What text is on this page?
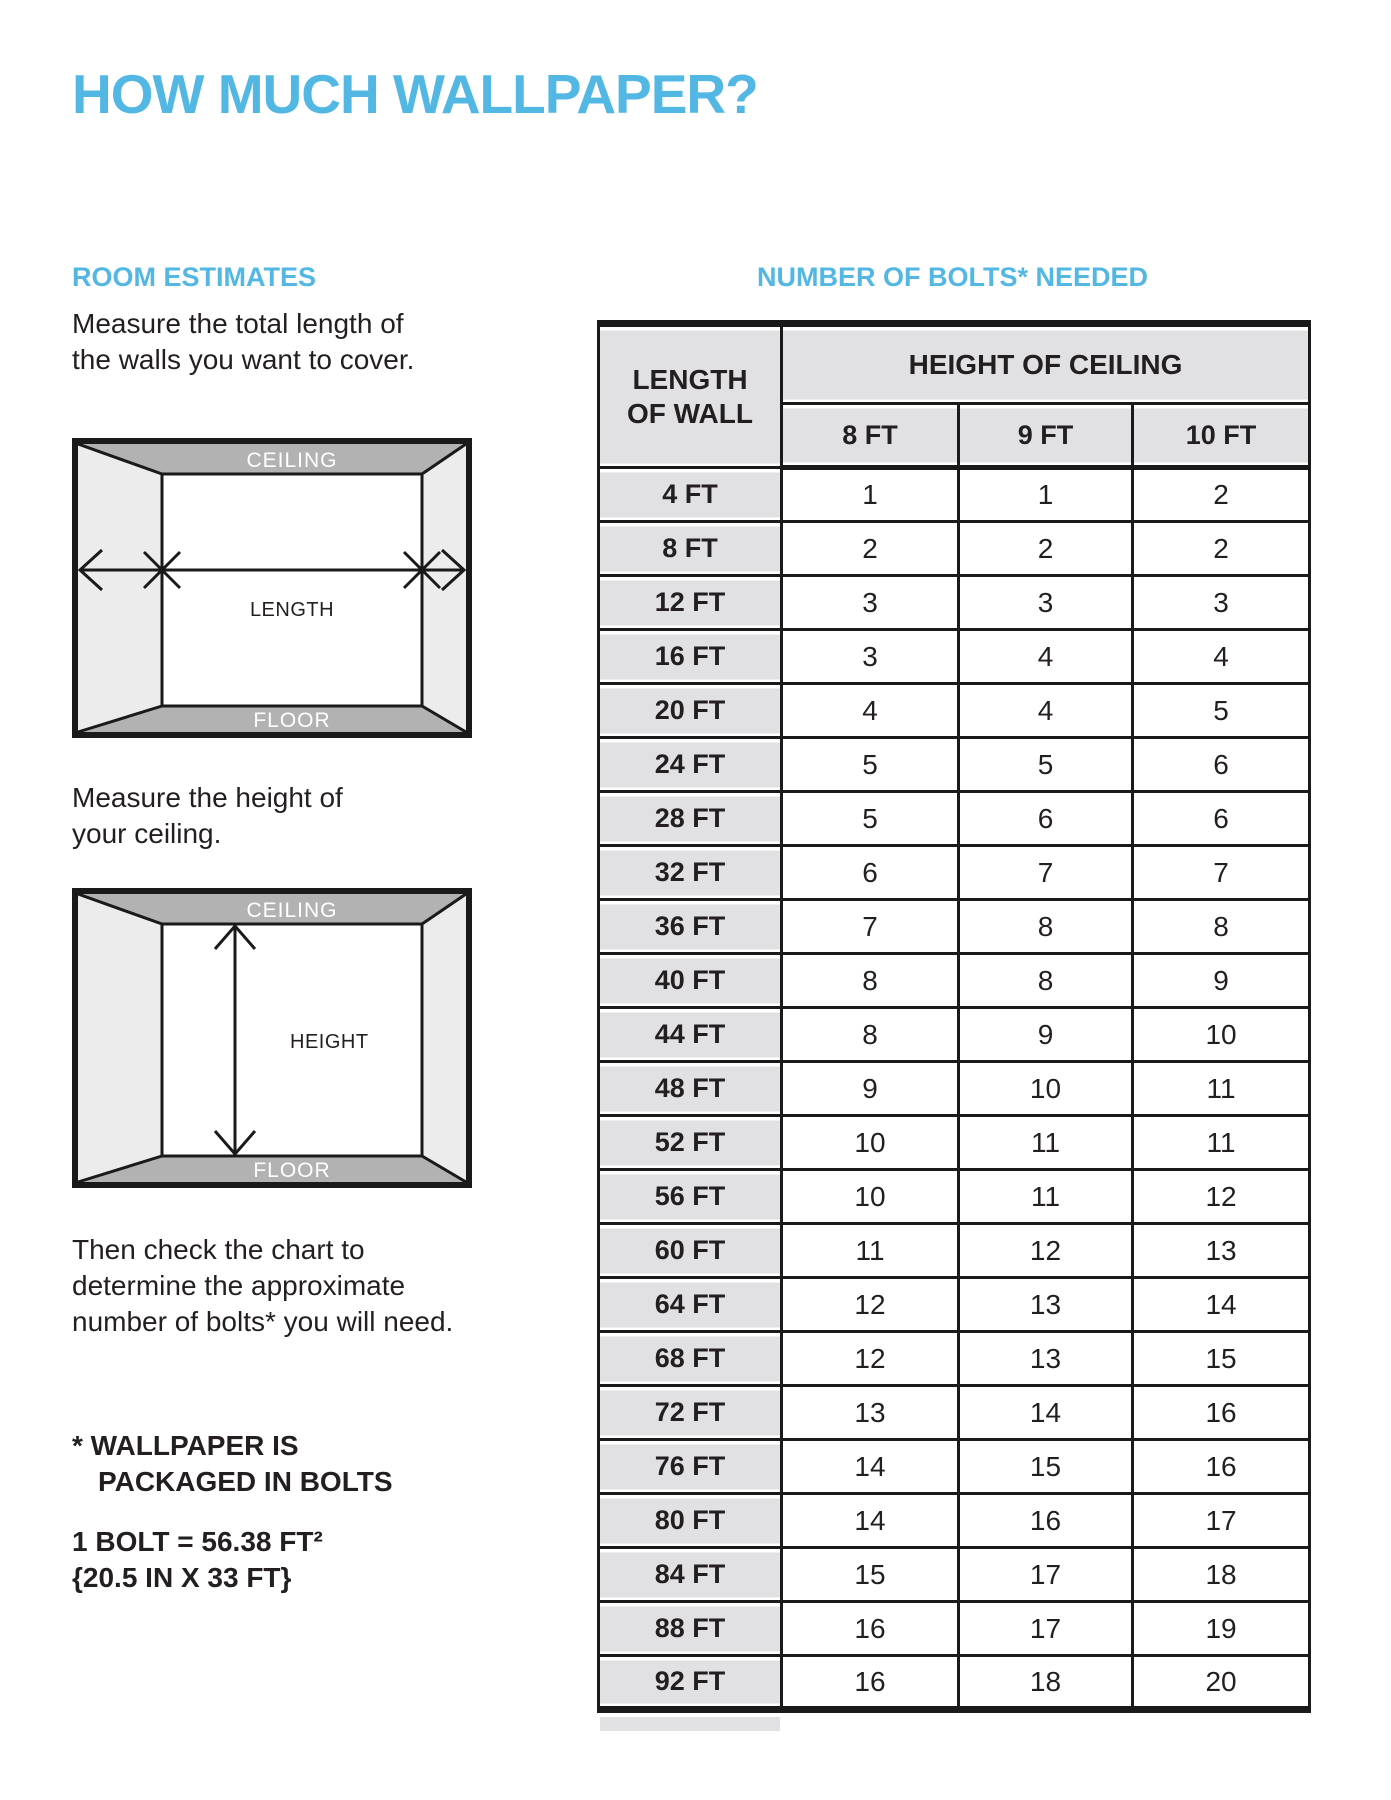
HOW MUCH WALLPAPER?
ROOM ESTIMATES	NUMBER OF BOLTS* NEEDED
Measure the total length of
the walls you want to cover.
CEILING
FLOOR
LENGTH
Measure the height of
your ceiling.
CEILING
FLOOR
HEIGHT
Then check the chart to
determine the approximate
number of bolts* you will need.
* WALLPAPER IS
PACKAGED IN BOLTS
1 BOLT = 56.38 FT²
{20.5 IN X 33 FT}
LENGTH
OF WALL	HEIGHT OF CEILING		
	8 FT	9 FT	10 FT
4 FT	1	1	2
8 FT	2	2	2
12 FT	3	3	3
16 FT	3	4	4
20 FT	4	4	5
24 FT	5	5	6
28 FT	5	6	6
32 FT	6	7	7
36 FT	7	8	8
40 FT	8	8	9
44 FT	8	9	10
48 FT	9	10	11
52 FT	10	11	11
56 FT	10	11	12
60 FT	11	12	13
64 FT	12	13	14
68 FT	12	13	15
72 FT	13	14	16
76 FT	14	15	16
80 FT	14	16	17
84 FT	15	17	18
88 FT	16	17	19
92 FT	16	18	20
